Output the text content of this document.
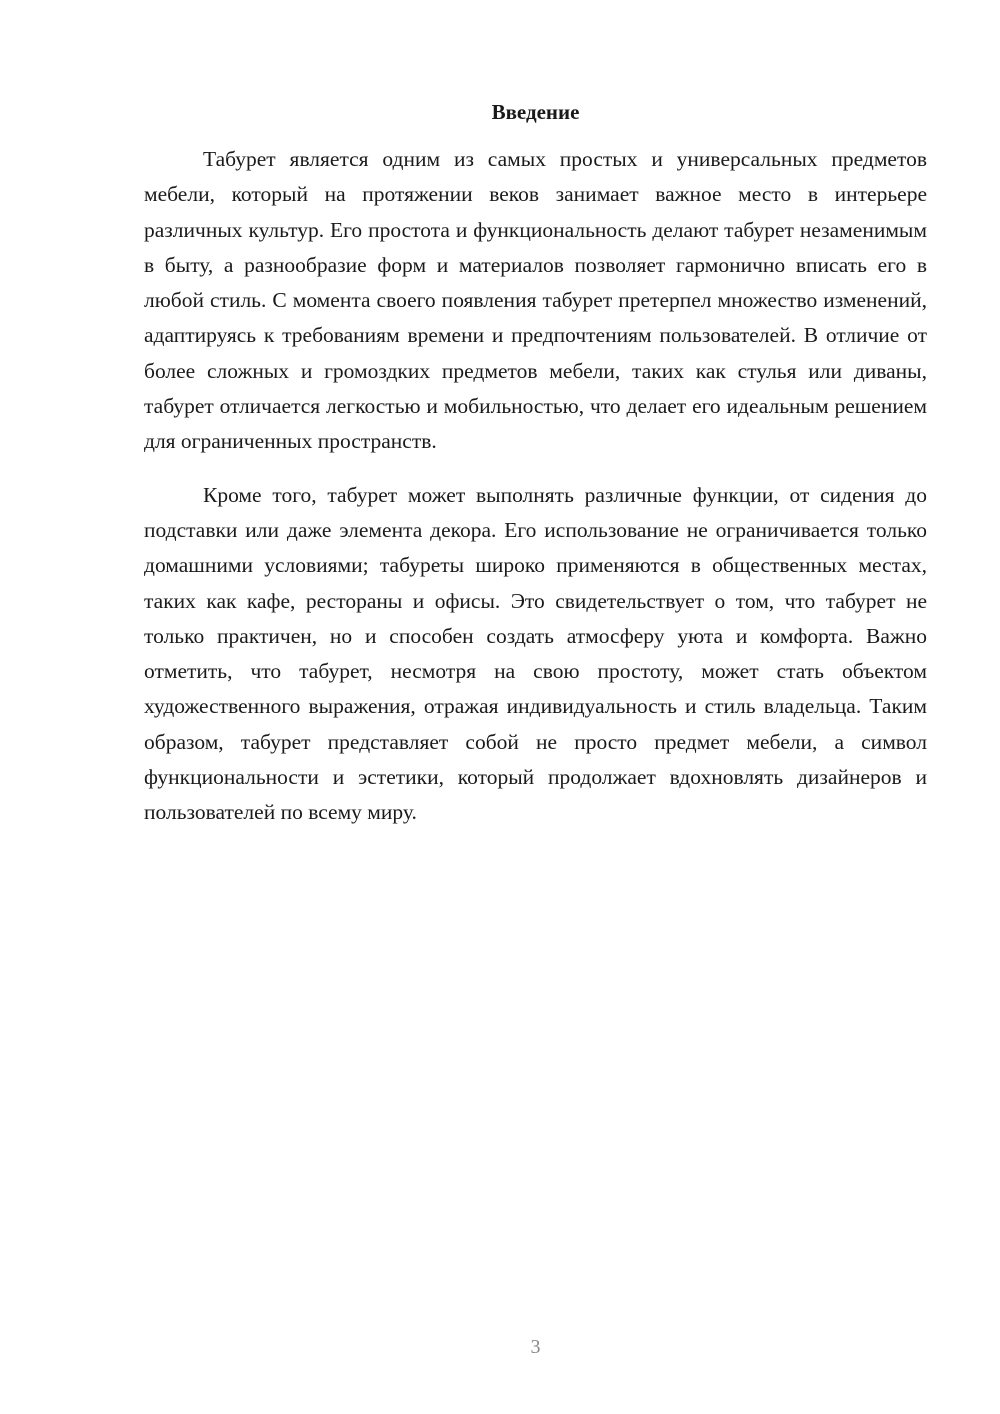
Введение

Табурет является одним из самых простых и универсальных предметов мебели, который на протяжении веков занимает важное место в интерьере различных культур. Его простота и функциональность делают табурет незаменимым в быту, а разнообразие форм и материалов позволяет гармонично вписать его в любой стиль. С момента своего появления табурет претерпел множество изменений, адаптируясь к требованиям времени и предпочтениям пользователей. В отличие от более сложных и громоздких предметов мебели, таких как стулья или диваны, табурет отличается легкостью и мобильностью, что делает его идеальным решением для ограниченных пространств.

Кроме того, табурет может выполнять различные функции, от сидения до подставки или даже элемента декора. Его использование не ограничивается только домашними условиями; табуреты широко применяются в общественных местах, таких как кафе, рестораны и офисы. Это свидетельствует о том, что табурет не только практичен, но и способен создать атмосферу уюта и комфорта. Важно отметить, что табурет, несмотря на свою простоту, может стать объектом художественного выражения, отражая индивидуальность и стиль владельца. Таким образом, табурет представляет собой не просто предмет мебели, а символ функциональности и эстетики, который продолжает вдохновлять дизайнеров и пользователей по всему миру.

3
